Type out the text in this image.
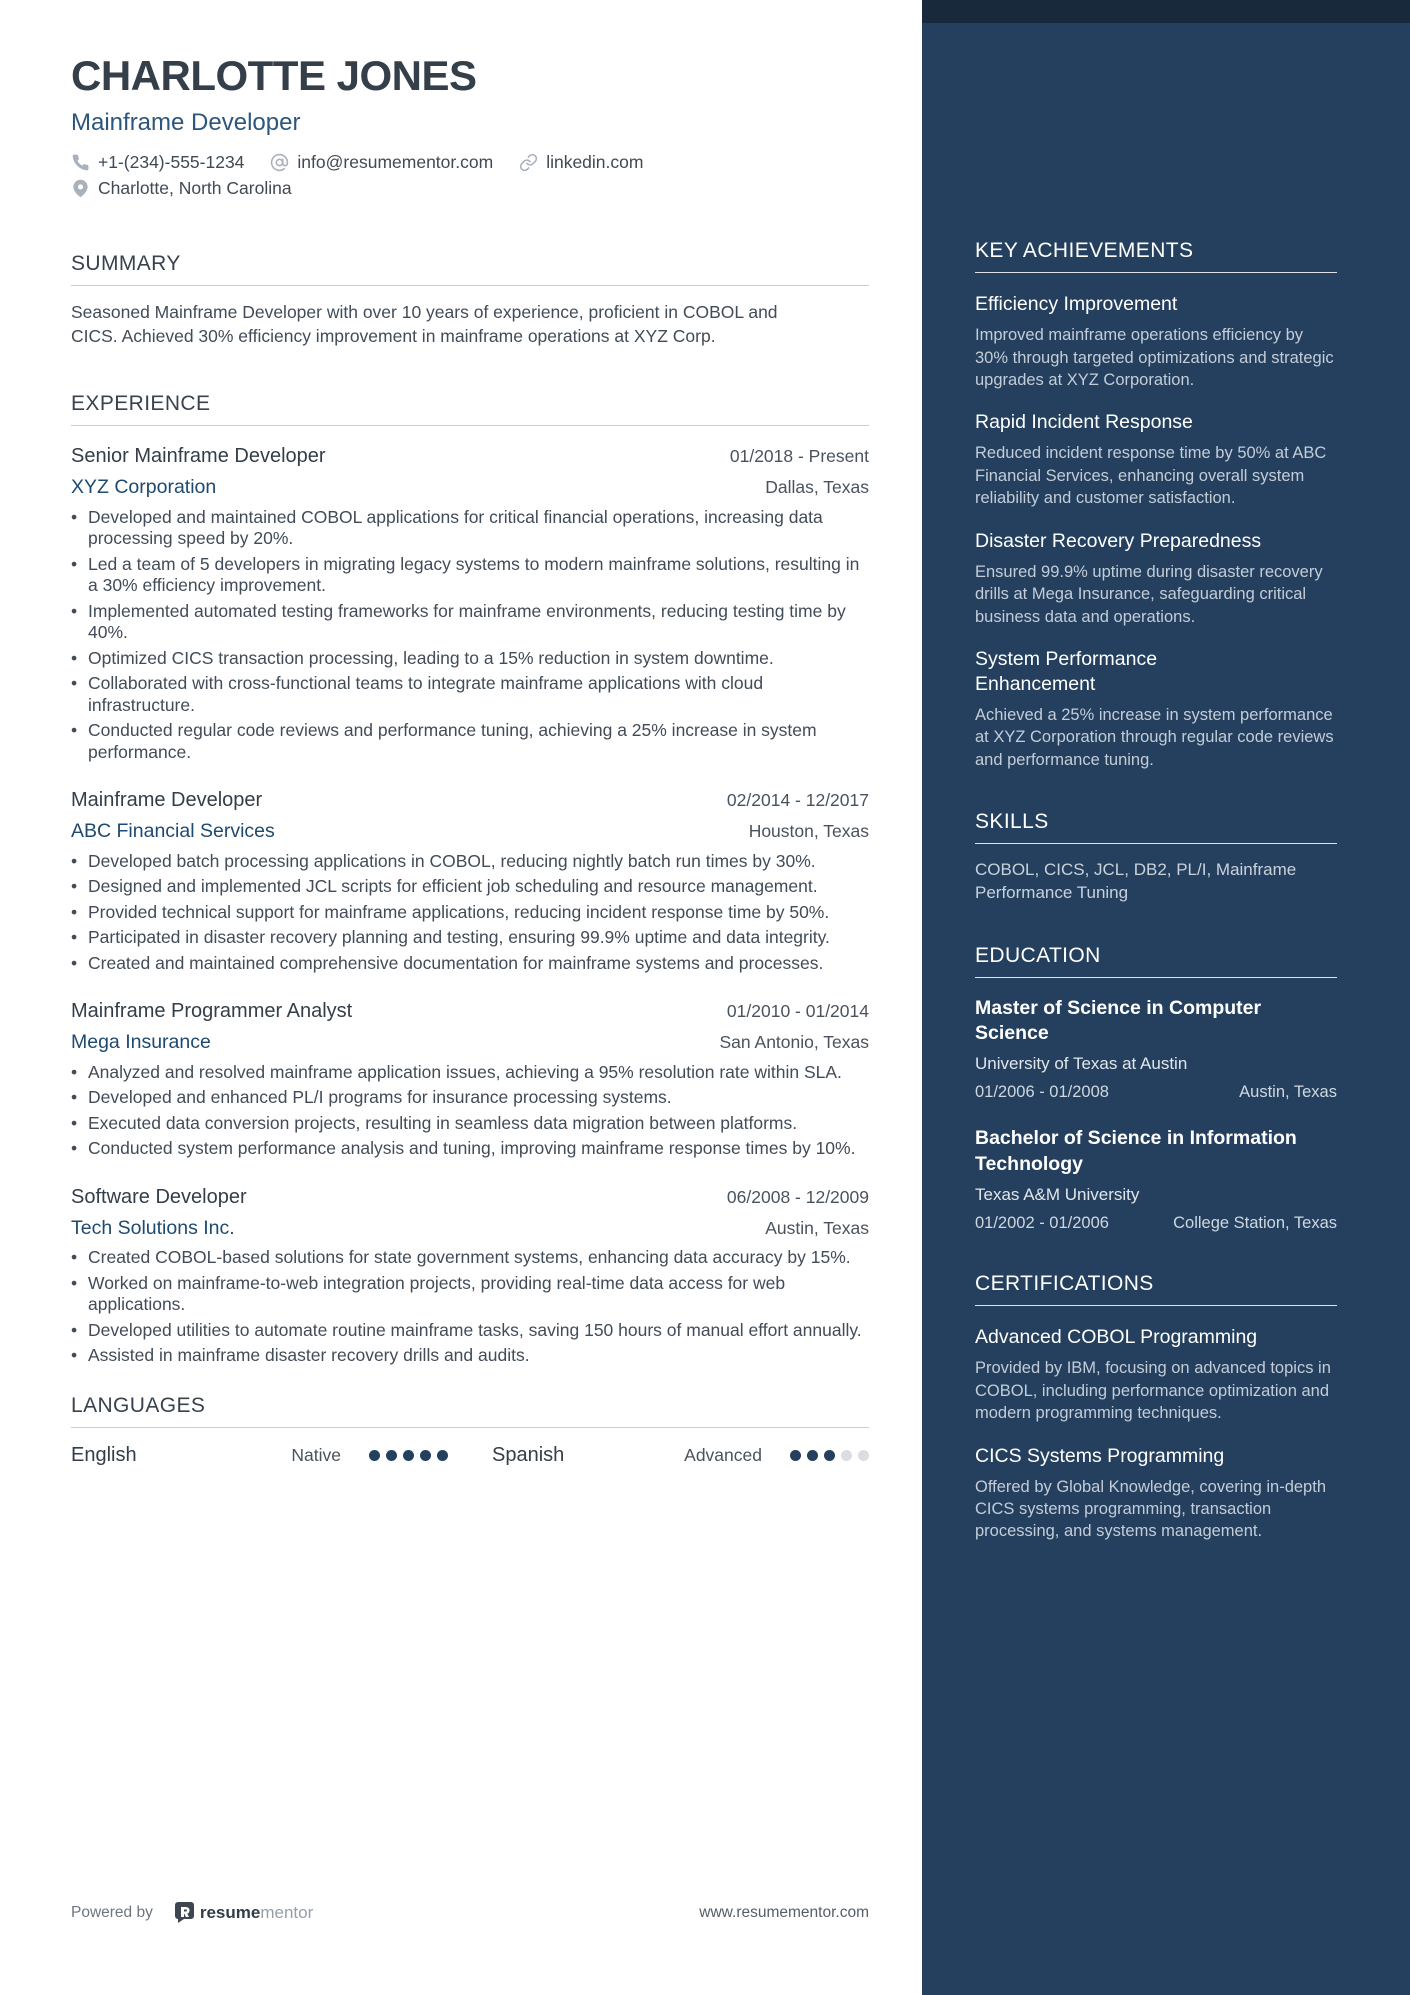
CHARLOTTE JONES
Mainframe Developer
+1-(234)-555-1234	info@resumementor.com	linkedin.com
Charlotte, North Carolina
SUMMARY

Seasoned Mainframe Developer with over 10 years of experience, proficient in COBOL and CICS. Achieved 30% efficiency improvement in mainframe operations at XYZ Corp.

EXPERIENCE
Senior Mainframe Developer	01/2018 - Present
XYZ Corporation	Dallas, Texas
• Developed and maintained COBOL applications for critical financial operations, increasing data processing speed by 20%.
• Led a team of 5 developers in migrating legacy systems to modern mainframe solutions, resulting in a 30% efficiency improvement.
• Implemented automated testing frameworks for mainframe environments, reducing testing time by 40%.
• Optimized CICS transaction processing, leading to a 15% reduction in system downtime.
• Collaborated with cross-functional teams to integrate mainframe applications with cloud infrastructure.
• Conducted regular code reviews and performance tuning, achieving a 25% increase in system performance.
Mainframe Developer	02/2014 - 12/2017
ABC Financial Services	Houston, Texas
• Developed batch processing applications in COBOL, reducing nightly batch run times by 30%.
• Designed and implemented JCL scripts for efficient job scheduling and resource management.
• Provided technical support for mainframe applications, reducing incident response time by 50%.
• Participated in disaster recovery planning and testing, ensuring 99.9% uptime and data integrity.
• Created and maintained comprehensive documentation for mainframe systems and processes.
Mainframe Programmer Analyst	01/2010 - 01/2014
Mega Insurance	San Antonio, Texas
• Analyzed and resolved mainframe application issues, achieving a 95% resolution rate within SLA.
• Developed and enhanced PL/I programs for insurance processing systems.
• Executed data conversion projects, resulting in seamless data migration between platforms.
• Conducted system performance analysis and tuning, improving mainframe response times by 10%.
Software Developer	06/2008 - 12/2009
Tech Solutions Inc.	Austin, Texas
• Created COBOL-based solutions for state government systems, enhancing data accuracy by 15%.
• Worked on mainframe-to-web integration projects, providing real-time data access for web applications.
• Developed utilities to automate routine mainframe tasks, saving 150 hours of manual effort annually.
• Assisted in mainframe disaster recovery drills and audits.
LANGUAGES
English	Native	Spanish	Advanced
Powered by	resumementor	www.resumementor.com
KEY ACHIEVEMENTS
Efficiency Improvement
Improved mainframe operations efficiency by 30% through targeted optimizations and strategic upgrades at XYZ Corporation.
Rapid Incident Response
Reduced incident response time by 50% at ABC Financial Services, enhancing overall system reliability and customer satisfaction.
Disaster Recovery Preparedness
Ensured 99.9% uptime during disaster recovery drills at Mega Insurance, safeguarding critical business data and operations.
System Performance Enhancement
Achieved a 25% increase in system performance at XYZ Corporation through regular code reviews and performance tuning.
SKILLS
COBOL, CICS, JCL, DB2, PL/I, Mainframe Performance Tuning
EDUCATION
Master of Science in Computer Science
University of Texas at Austin
01/2006 - 01/2008	Austin, Texas
Bachelor of Science in Information Technology
Texas A&M University
01/2002 - 01/2006	College Station, Texas
CERTIFICATIONS
Advanced COBOL Programming
Provided by IBM, focusing on advanced topics in COBOL, including performance optimization and modern programming techniques.
CICS Systems Programming
Offered by Global Knowledge, covering in-depth CICS systems programming, transaction processing, and systems management.
